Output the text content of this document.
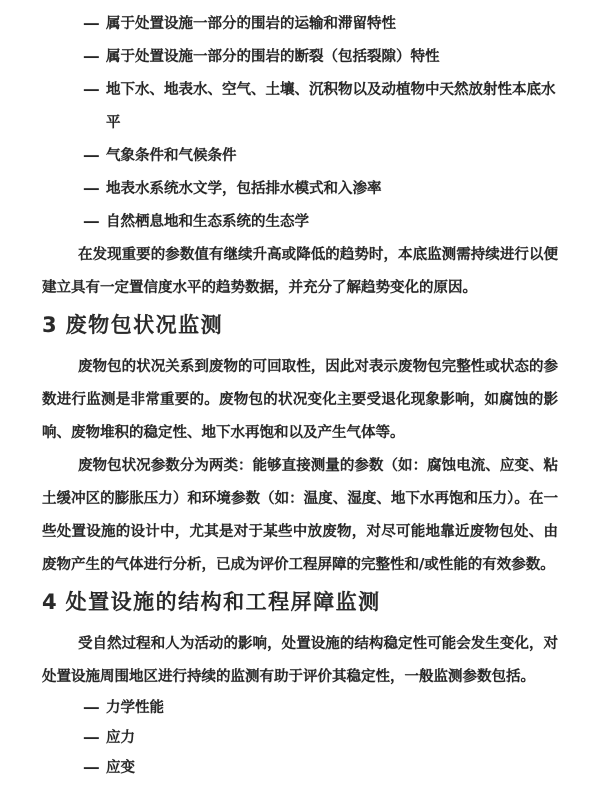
— 属于处置设施一部分的围岩的运输和滞留特性
— 属于处置设施一部分的围岩的断裂（包括裂隙）特性
— 地下水、地表水、空气、土壤、沉积物以及动植物中天然放射性本底水平
— 气象条件和气候条件
— 地表水系统水文学，包括排水模式和入渗率
— 自然栖息地和生态系统的生态学

在发现重要的参数值有继续升高或降低的趋势时，本底监测需持续进行以便建立具有一定置信度水平的趋势数据，并充分了解趋势变化的原因。

3 废物包状况监测

废物包的状况关系到废物的可回取性，因此对表示废物包完整性或状态的参数进行监测是非常重要的。废物包的状况变化主要受退化现象影响，如腐蚀的影响、废物堆积的稳定性、地下水再饱和以及产生气体等。

废物包状况参数分为两类：能够直接测量的参数（如：腐蚀电流、应变、粘土缓冲区的膨胀压力）和环境参数（如：温度、湿度、地下水再饱和压力）。在一些处置设施的设计中，尤其是对于某些中放废物，对尽可能地靠近废物包处、由废物产生的气体进行分析，已成为评价工程屏障的完整性和/或性能的有效参数。

4 处置设施的结构和工程屏障监测

受自然过程和人为活动的影响，处置设施的结构稳定性可能会发生变化，对处置设施周围地区进行持续的监测有助于评价其稳定性，一般监测参数包括。

— 力学性能
— 应力
— 应变
